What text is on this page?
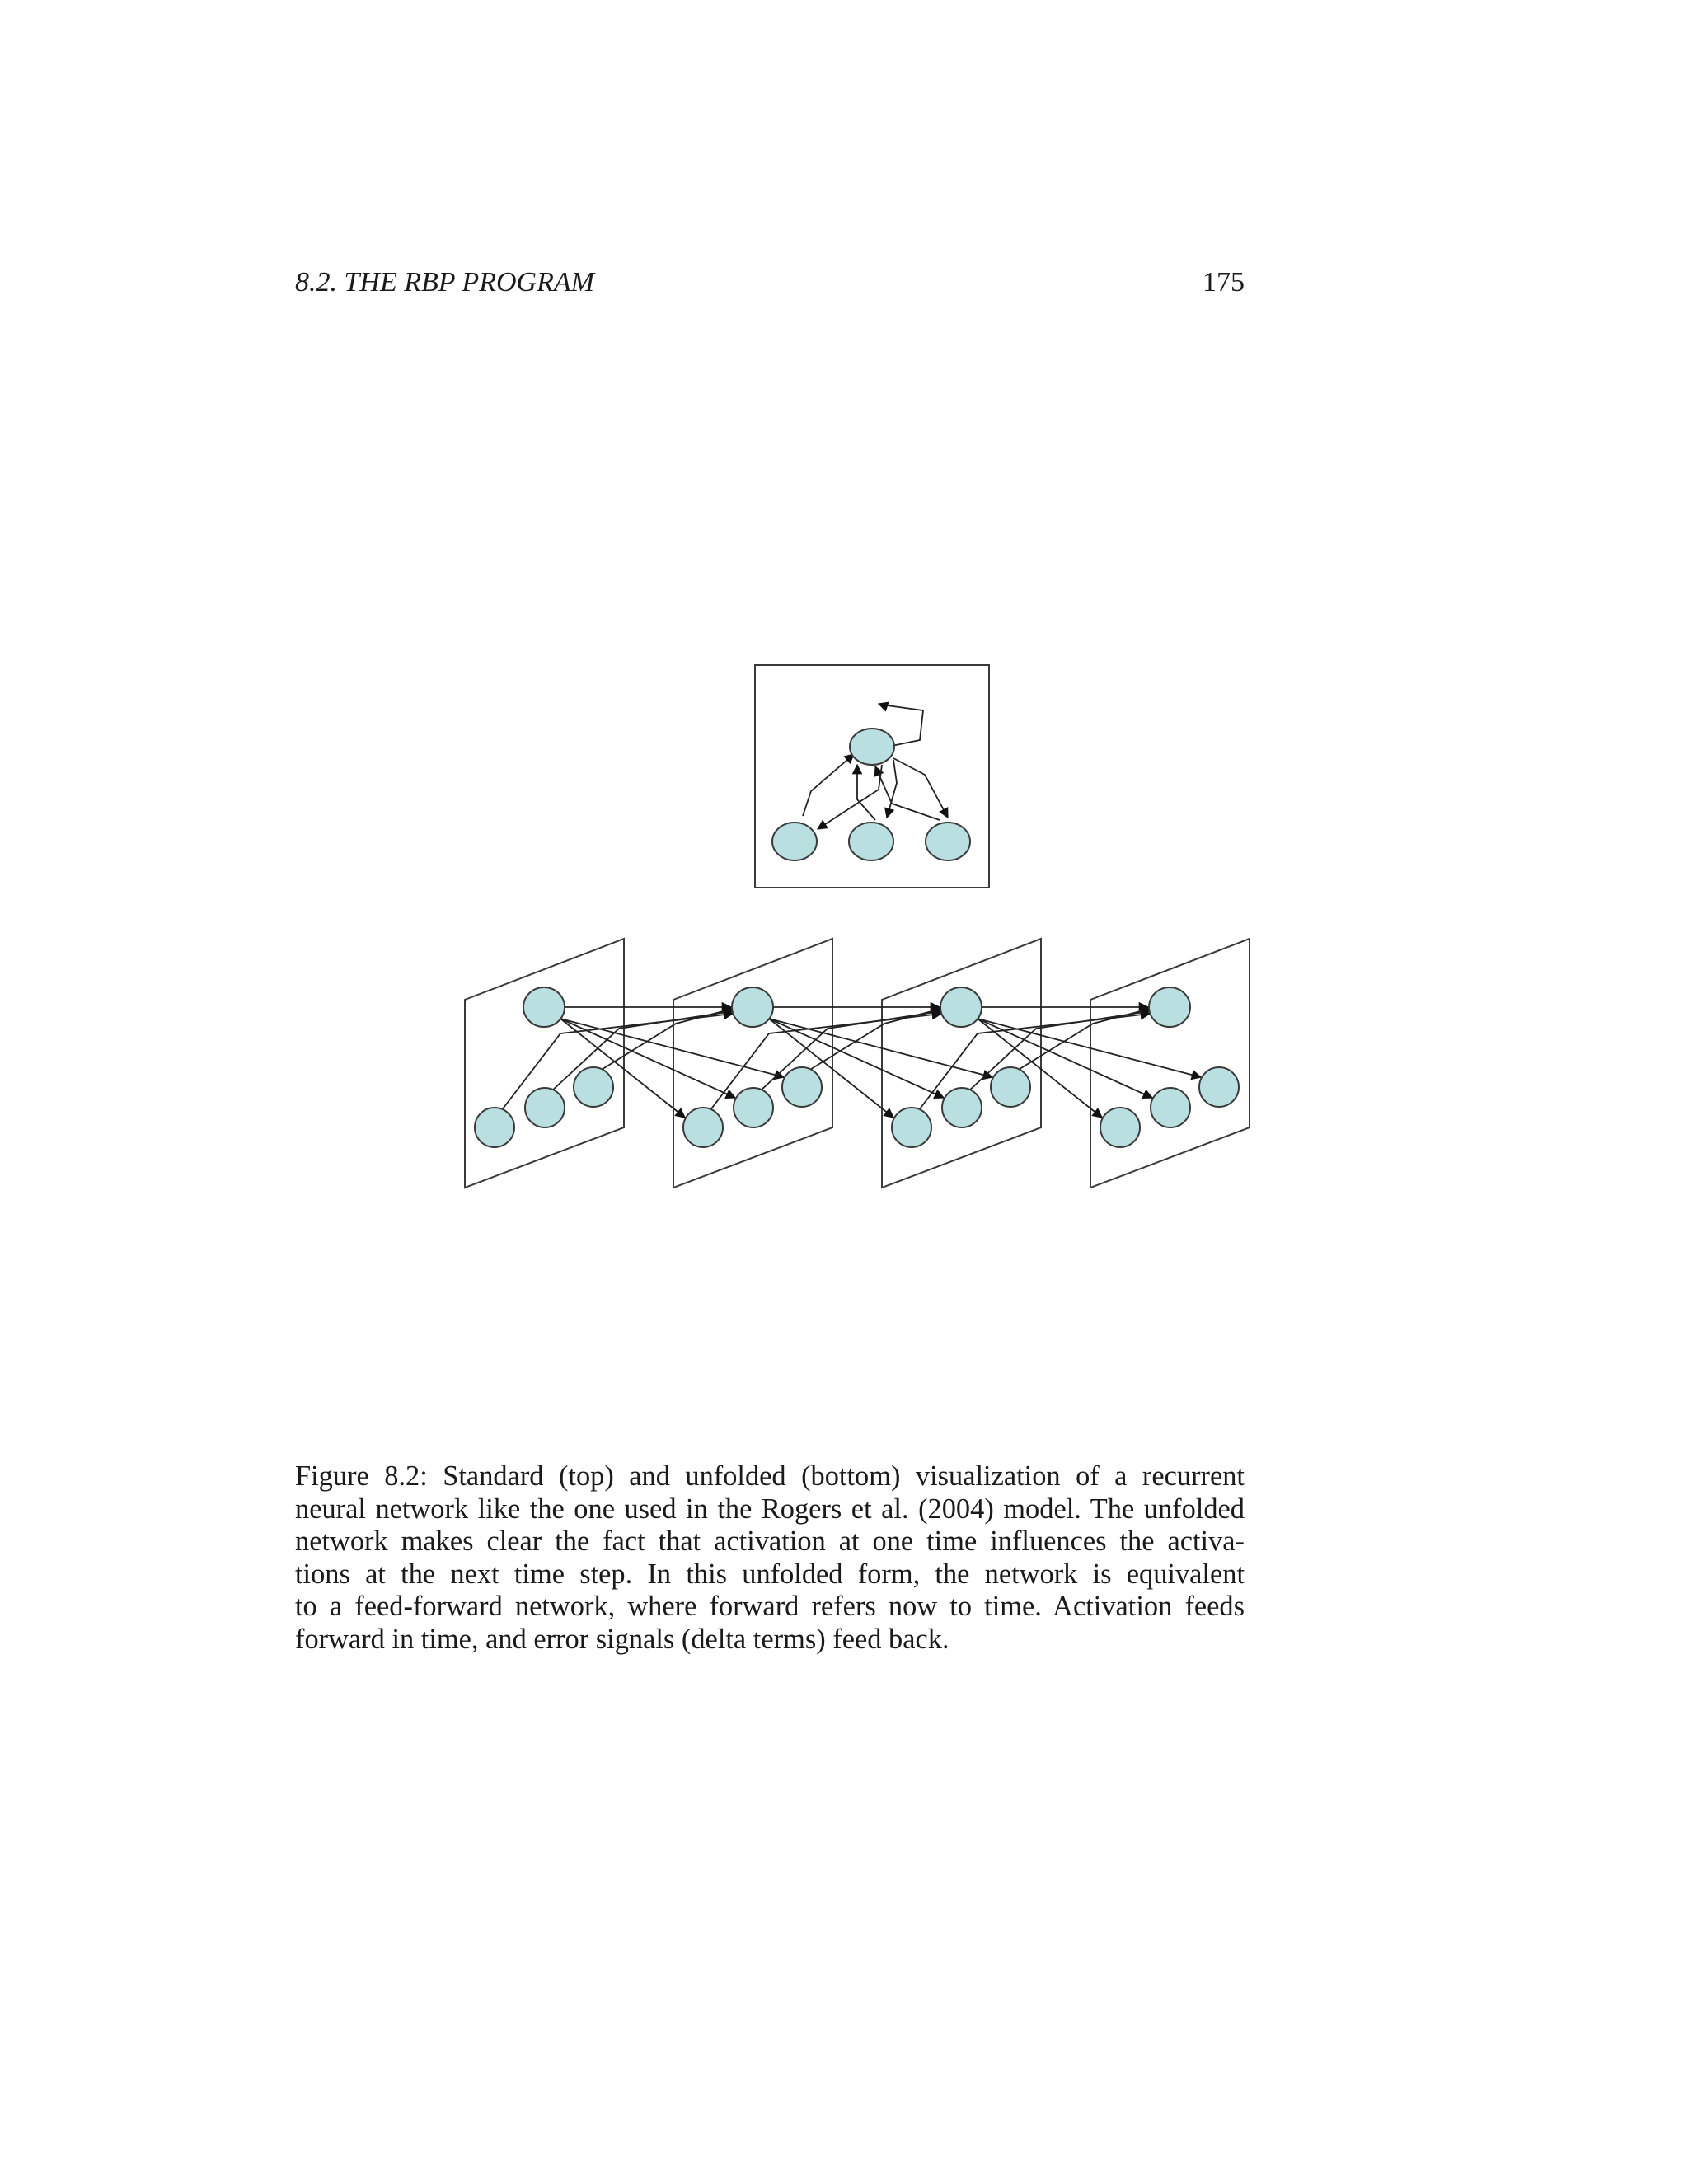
8.2. THE RBP PROGRAM	175
Figure 8.2: Standard (top) and unfolded (bottom) visualization of a recurrent
neural network like the one used in the Rogers et al. (2004) model. The unfolded
network makes clear the fact that activation at one time influences the activa-
tions at the next time step. In this unfolded form, the network is equivalent
to a feed-forward network, where forward refers now to time. Activation feeds
forward in time, and error signals (delta terms) feed back.
